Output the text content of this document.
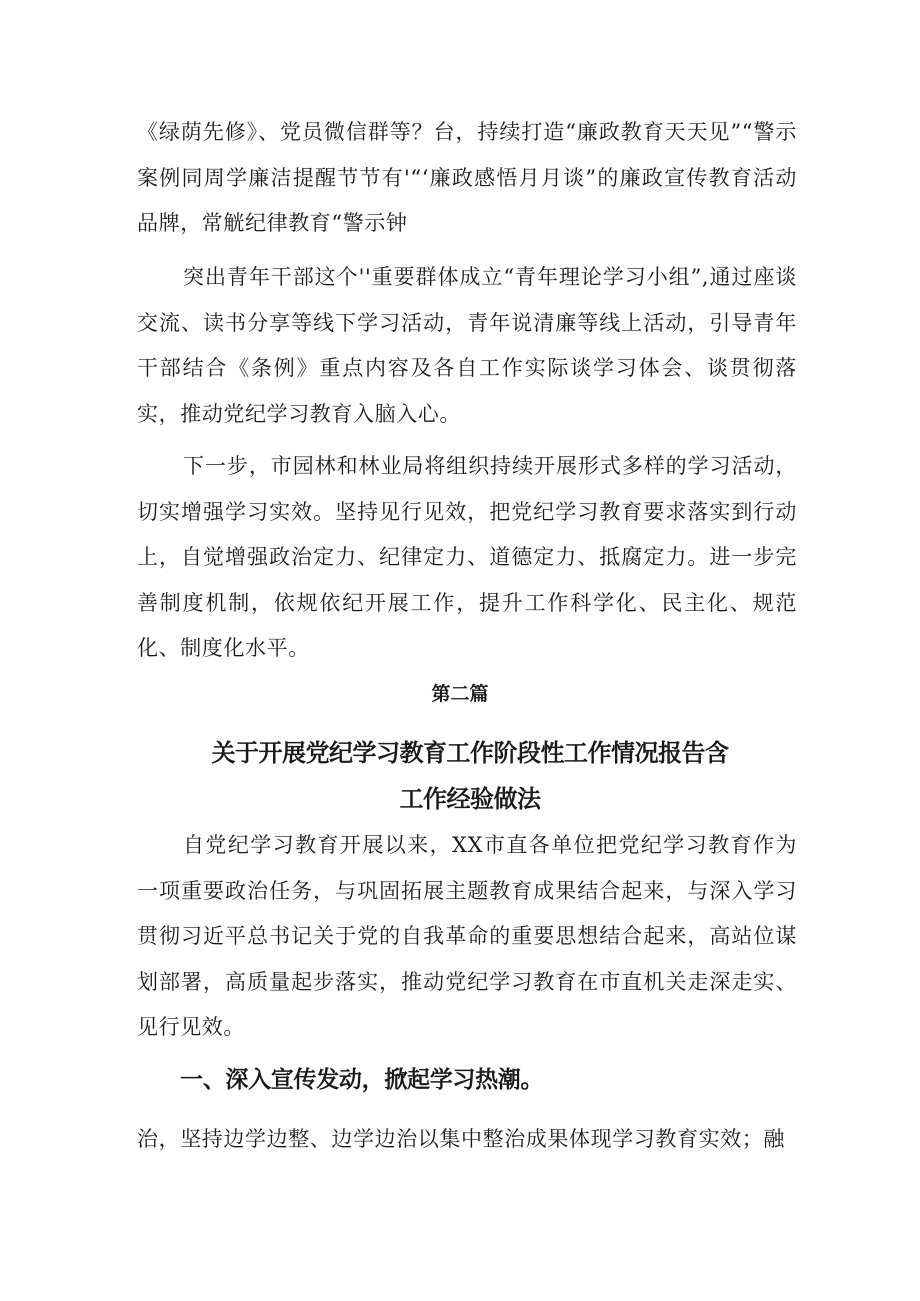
《绿荫先修》、党员微信群等？台，持续打造“廉政教育天天见”“警示案例同周学廉洁提醒节节有'“‘廉政感悟月月谈”的廉政宣传教育活动品牌，常觥纪律教育“警示钟

突出青年干部这个''重要群体成立“青年理论学习小组”,通过座谈交流、读书分享等线下学习活动，青年说清廉等线上活动，引导青年干部结合《条例》重点内容及各自工作实际谈学习体会、谈贯彻落实，推动党纪学习教育入脑入心。

下一步，市园林和林业局将组织持续开展形式多样的学习活动，切实增强学习实效。坚持见行见效，把党纪学习教育要求落实到行动上，自觉增强政治定力、纪律定力、道德定力、抵腐定力。进一步完善制度机制，依规依纪开展工作，提升工作科学化、民主化、规范化、制度化水平。

第二篇

关于开展党纪学习教育工作阶段性工作情况报告含
工作经验做法

自党纪学习教育开展以来，XX市直各单位把党纪学习教育作为一项重要政治任务，与巩固拓展主题教育成果结合起来，与深入学习贯彻习近平总书记关于党的自我革命的重要思想结合起来，高站位谋划部署，高质量起步落实，推动党纪学习教育在市直机关走深走实、见行见效。

一、深入宣传发动，掀起学习热潮。

治，坚持边学边整、边学边治以集中整治成果体现学习教育实效；融
